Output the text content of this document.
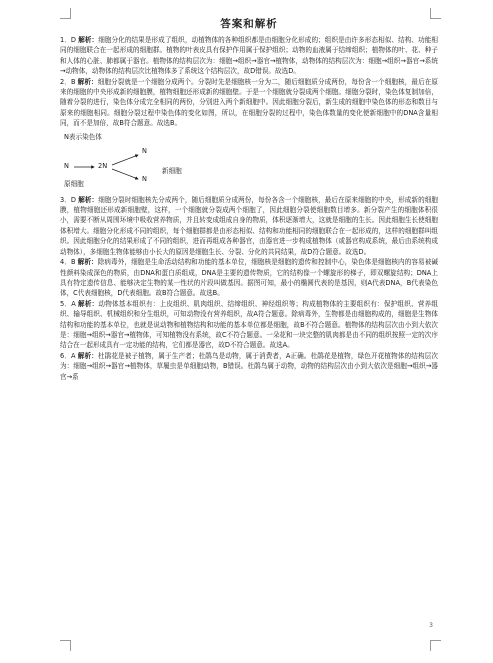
答案和解析

1．D 解析：细胞分化的结果是形成了组织，动植物体的各种组织都是由细胞分化形成的；组织是由许多形态相似、结构、功能相同的细胞联合在一起形成的细胞群。植物的叶表皮具有保护作用属于保护组织；动物的血液属于结缔组织；植物体的叶、花、种子和人体的心脏、肺都属于器官。植物体的结构层次为：细胞→组织→器官→植物体，动物体的结构层次为：细胞→组织→器官→系统→动物体，动物体的结构层次比植物体多了系统这个结构层次，故D错误。故选D。

2．B 解析：细胞分裂就是一个细胞分成两个。分裂时先是细胞核一分为二，随后细胞质分成两份，每份含一个细胞核，最后在原来的细胞的中央形成新的细胞膜，植物细胞还形成新的细胞壁。于是一个细胞就分裂成两个细胞。细胞分裂时，染色体复制加倍，随着分裂的进行，染色体分成完全相同的两份，分别进入两个新细胞中。因此细胞分裂后，新生成的细胞中染色体的形态和数目与原来的细胞相同。细胞分裂过程中染色体的变化如图，所以，在细胞分裂的过程中，染色体数量的变化使新细胞中的DNA含量相同，而不是加倍，故B符合题意。故选B。

N表示染色体
N	2N
N
N
原细胞
新细胞

3．D 解析：细胞分裂时细胞核先分成两个，随后细胞质分成两份，每份各含一个细胞核，最后在原来细胞的中央，形成新的细胞膜，植物细胞还形成新细胞壁，这样，一个细胞就分裂成两个细胞了，因此细胞分裂使细胞数目增多。新分裂产生的细胞体积很小，需要不断从周围环境中吸收营养物质，并且转变成组成自身的物质，体积逐渐增大，这就是细胞的生长。因此细胞生长使细胞体积增大。细胞分化形成不同的组织，每个细胞群都是由形态相似、结构和功能相同的细胞联合在一起形成的，这样的细胞群叫组织。因此细胞分化的结果形成了不同的组织，进而再组成各种器官，由器官进一步构成植物体（或器官构成系统，最后由系统构成动物体），多细胞生物体能够由小长大的原因是细胞生长、分裂、分化的共同结果，故D符合题意。故选D。

4．B 解析：除病毒外，细胞是生命活动结构和功能的基本单位，细胞核是细胞的遗传和控制中心，染色体是细胞核内的容易被碱性颜料染成深色的物质，由DNA和蛋白质组成，DNA是主要的遗传物质，它的结构像一个螺旋形的梯子，即双螺旋结构；DNA上具有特定遗传信息、能够决定生物的某一性状的片段叫做基因。据图可知，最小的椭圆代表的是基因，则A代表DNA，B代表染色体，C代表细胞核，D代表细胞。故B符合题意。故选B。

5．A 解析：动物体基本组织有：上皮组织、肌肉组织、结缔组织、神经组织等；构成植物体的主要组织有：保护组织、营养组织、输导组织、机械组织和分生组织，可知动物没有营养组织，故A符合题意。除病毒外，生物都是由细胞构成的，细胞是生物体结构和功能的基本单位，也就是说动物和植物结构和功能的基本单位都是细胞，故B不符合题意。植物体的结构层次由小到大依次是：细胞→组织→器官→植物体，可知植物没有系统，故C不符合题意。一朵花和一块完整的肌肉都是由不同的组织按照一定的次序结合在一起形成具有一定功能的结构，它们都是器官，故D不符合题意。故选A。

6．A 解析：杜鹃花是被子植物，属于生产者；杜鹃鸟是动物，属于消费者，A正确。杜鹃花是植物，绿色开花植物体的结构层次为：细胞→组织→器官→植物体，草履虫是单细胞动物，B错误。杜鹃鸟属于动物，动物的结构层次由小到大依次是细胞→组织→器官→系

3
